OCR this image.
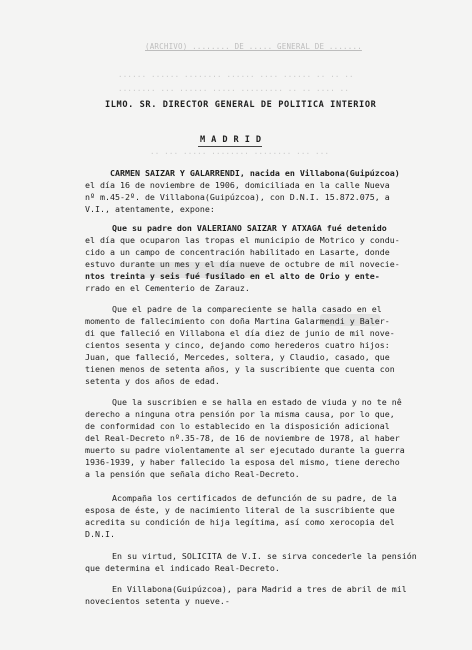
(ARCHIVO) ........ DE ..... GENERAL DE .......
...... ...... ........ ...... .... ...... .. .. ..
........ ... ...... ..... ......... .. .. .... ..
.. ... ..... ........ ........ ... ...
ILMO. SR. DIRECTOR GENERAL DE POLITICA INTERIOR
MADRID
CARMEN SAIZAR Y GALARRENDI, nacida en Villabona(Guipúzcoa)
el día 16 de noviembre de 1906, domiciliada en la calle Nueva
nº m.45-2º. de Villabona(Guipúzcoa), con D.N.I. 15.872.075, a
V.I., atentamente, expone:
Que su padre don VALERIANO SAIZAR Y ATXAGA fué detenido
el día que ocuparon las tropas el municipio de Motrico y condu-
cido a un campo de concentración habilitado en Lasarte, donde
estuvo durante un mes y el día nueve de octubre de mil novecie-
ntos treinta y seis fué fusilado en el alto de Orio y ente-
rrado en el Cementerio de Zarauz.
Que el padre de la compareciente se halla casado en el
momento de fallecimiento con doña Martina Galarmendi y Baler-
di que falleció en Villabona el día diez de junio de mil nove-
cientos sesenta y cinco, dejando como herederos cuatro hijos:
Juan, que falleció, Mercedes, soltera, y Claudio, casado, que
tienen menos de setenta años, y la suscribiente que cuenta con
setenta y dos años de edad.
Que la suscribien e se halla en estado de viuda y no te nê
derecho a ninguna otra pensión por la misma causa, por lo que,
de conformidad con lo establecido en la disposición adicional
del Real-Decreto nº.35-78, de 16 de noviembre de 1978, al haber
muerto su padre violentamente al ser ejecutado durante la guerra
1936-1939, y haber fallecido la esposa del mismo, tiene derecho
a la pensión que señala dicho Real-Decreto.
Acompaña los certificados de defunción de su padre, de la
esposa de éste, y de nacimiento literal de la suscribiente que
acredita su condición de hija legítima, así como xerocopia del
D.N.I.
En su virtud, SOLICITA de V.I. se sirva concederle la pensión
que determina el indicado Real-Decreto.
En Villabona(Guipúzcoa), para Madrid a tres de abril de mil
novecientos setenta y nueve.-
